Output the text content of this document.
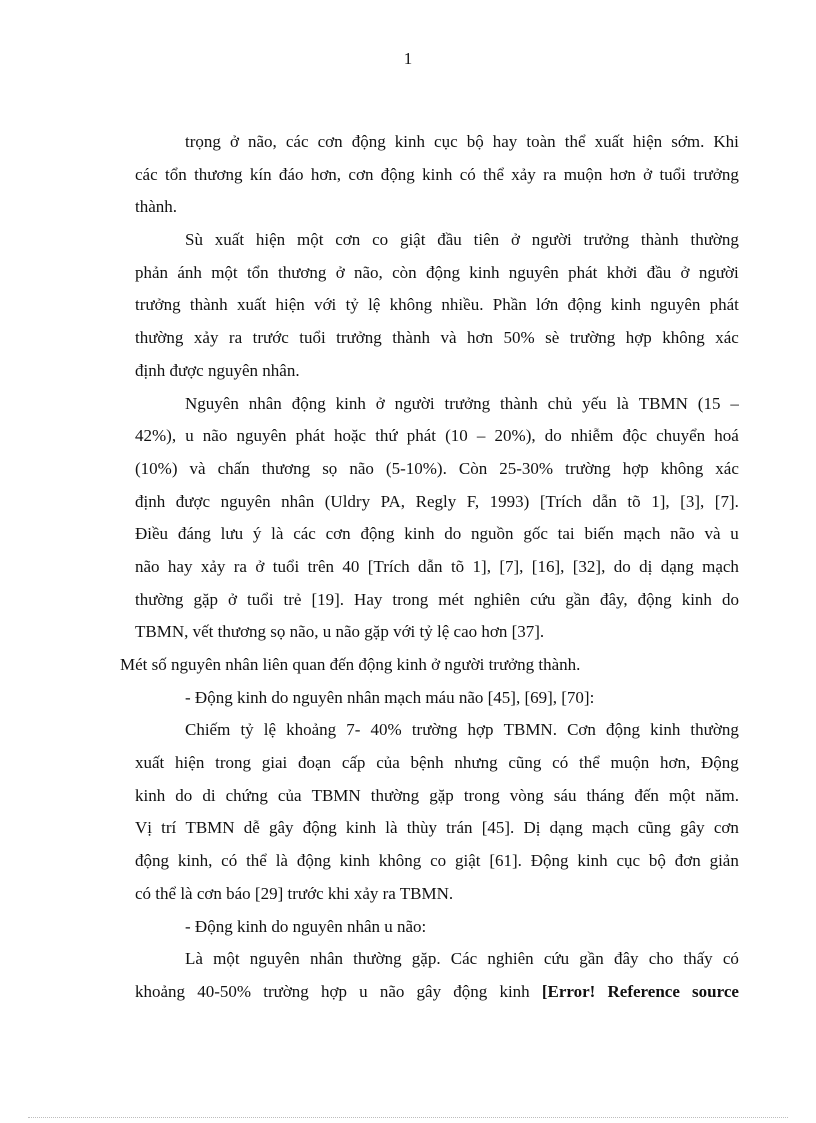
1
trọng ở não, các cơn động kinh cục bộ hay toàn thể xuất hiện sớm. Khi
các tổn thương kín đáo hơn, cơn động kinh có thể xảy ra muộn hơn ở tuổi trưởng
thành.
Sù xuất hiện một cơn co giật đầu tiên ở người trưởng thành thường
phản ánh một tổn thương ở não, còn động kinh nguyên phát khởi đầu ở người
trưởng thành xuất hiện với tỷ lệ không nhiều. Phần lớn động kinh nguyên phát
thường xảy ra trước tuổi trưởng thành và hơn 50% sè trường hợp không xác
định được nguyên nhân.
Nguyên nhân động kinh ở người trưởng thành chủ yếu là TBMN (15 –
42%), u não nguyên phát hoặc thứ phát (10 – 20%), do nhiễm độc chuyển hoá
(10%) và chấn thương sọ não (5-10%). Còn 25-30% trường hợp không xác
định được nguyên nhân (Uldry PA, Regly F, 1993) [Trích dẫn tõ 1], [3], [7].
Điều đáng lưu ý là các cơn động kinh do nguồn gốc tai biến mạch não và u
não hay xảy ra ở tuổi trên 40 [Trích dẫn tõ 1], [7], [16], [32], do dị dạng mạch
thường gặp ở tuổi trẻ [19]. Hay trong mét nghiên cứu gần đây, động kinh do
TBMN, vết thương sọ não, u não gặp với tỷ lệ cao hơn [37].
Mét số nguyên nhân liên quan đến động kinh ở người trưởng thành.
- Động kinh do nguyên nhân mạch máu não [45], [69], [70]:
Chiếm tỷ lệ khoảng 7- 40% trường hợp TBMN. Cơn động kinh thường
xuất hiện trong giai đoạn cấp của bệnh nhưng cũng có thể muộn hơn, Động
kinh do di chứng của TBMN thường gặp trong vòng sáu tháng đến một năm.
Vị trí TBMN dễ gây động kinh là thùy trán [45]. Dị dạng mạch cũng gây cơn
động kinh, có thể là động kinh không co giật [61]. Động kinh cục bộ đơn giản
có thể là cơn báo [29] trước khi xảy ra TBMN.
- Động kinh do nguyên nhân u não:
Là một nguyên nhân thường gặp. Các nghiên cứu gần đây cho thấy có
khoảng 40-50% trường hợp u não gây động kinh [Error! Reference source
